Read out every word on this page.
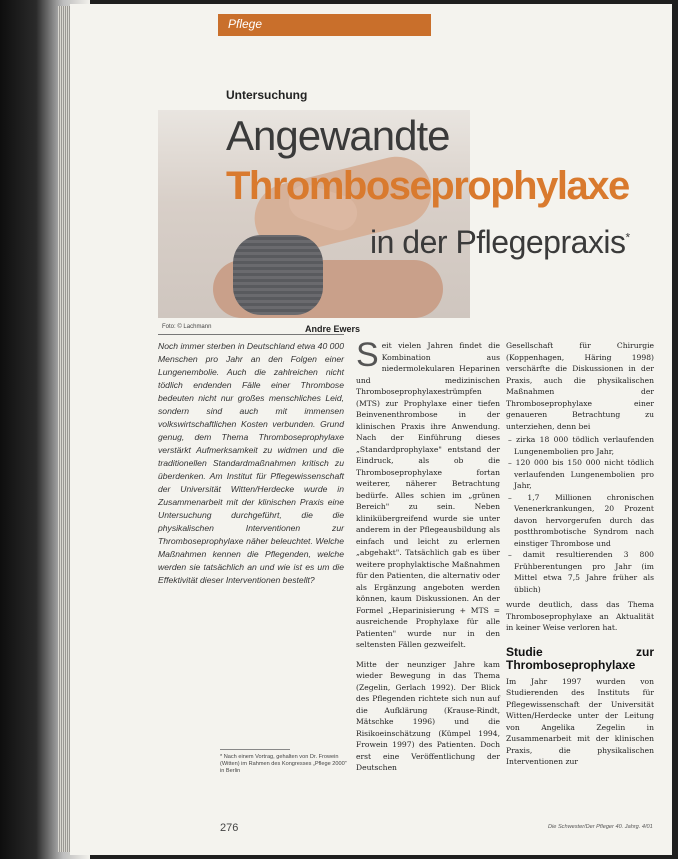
Pflege
Untersuchung
Angewandte
Thromboseprophylaxe
in der Pflegepraxis*
Foto: © Lachmann	Andre Ewers
Noch immer sterben in Deutschland etwa 40 000 Menschen pro Jahr an den Folgen einer Lungenembolie. Auch die zahlreichen nicht tödlich endenden Fälle einer Thrombose bedeuten nicht nur großes menschliches Leid, sondern sind auch mit immensen volkswirtschaftlichen Kosten verbunden. Grund genug, dem Thema Thromboseprophylaxe verstärkt Aufmerksamkeit zu widmen und die traditionellen Standardmaßnahmen kritisch zu überdenken. Am Institut für Pflegewissenschaft der Universität Witten/Herdecke wurde in Zusammenarbeit mit der klinischen Praxis eine Untersuchung durchgeführt, die die physikalischen Interventionen zur Thromboseprophylaxe näher beleuchtet. Welche Maßnahmen kennen die Pflegenden, welche werden sie tatsächlich an und wie ist es um die Effektivität dieser Interventionen bestellt?

Seit vielen Jahren findet die Kombination aus niedermolekularen Heparinen und medizinischen Thromboseprophylaxestrümpfen (MTS) zur Prophylaxe einer tiefen Beinvenenthrombose in der klinischen Praxis ihre Anwendung. Nach der Einführung dieses „Standardprophylaxe" entstand der Eindruck, als ob die Thromboseprophylaxe fortan weiterer, näherer Betrachtung bedürfe. Alles schien im „grünen Bereich" zu sein. Neben klinikübergreifend wurde sie unter anderem in der Pflegeausbildung als einfach und leicht zu erlernen „abgehakt". Tatsächlich gab es über weitere prophylaktische Maßnahmen für den Patienten, die alternativ oder als Ergänzung angeboten werden können, kaum Diskussionen. An der Formel „Heparinisierung + MTS = ausreichende Prophylaxe für alle Patienten" wurde nur in den seltensten Fällen gezweifelt.

Mitte der neunziger Jahre kam wieder Bewegung in das Thema (Zegelin, Gerlach 1992). Der Blick des Pflegenden richtete sich nun auf die Aufklärung (Krause-Rindt, Mätschke 1996) und die Risikoeinschätzung (Kümpel 1994, Frowein 1997) des Patienten. Doch erst eine Veröffentlichung der Deutschen

Gesellschaft für Chirurgie (Koppenhagen, Häring 1998) verschärfte die Diskussionen in der Praxis, auch die physikalischen Maßnahmen der Thromboseprophylaxe einer genaueren Betrachtung zu unterziehen, denn bei

– zirka 18 000 tödlich verlaufenden Lungenembolien pro Jahr,
– 120 000 bis 150 000 nicht tödlich verlaufenden Lungenembolien pro Jahr,
– 1,7 Millionen chronischen Venenerkrankungen, 20 Prozent davon hervorgerufen durch das postthrombotische Syndrom nach einstiger Thrombose und
– damit resultierenden 3 800 Frühberentungen pro Jahr (im Mittel etwa 7,5 Jahre früher als üblich)

wurde deutlich, dass das Thema Thromboseprophylaxe an Aktualität in keiner Weise verloren hat.

Studie zur Thromboseprophylaxe

Im Jahr 1997 wurden von Studierenden des Instituts für Pflegewissenschaft der Universität Witten/Herdecke unter der Leitung von Angelika Zegelin in Zusammenarbeit mit der klinischen Praxis, die physikalischen Interventionen zur

* Nach einem Vortrag, gehalten von Dr. Frowein (Witten) im Rahmen des Kongresses „Pflege 2000" in Berlin
276	Die Schwester/Der Pfleger 40. Jahrg. 4/01
